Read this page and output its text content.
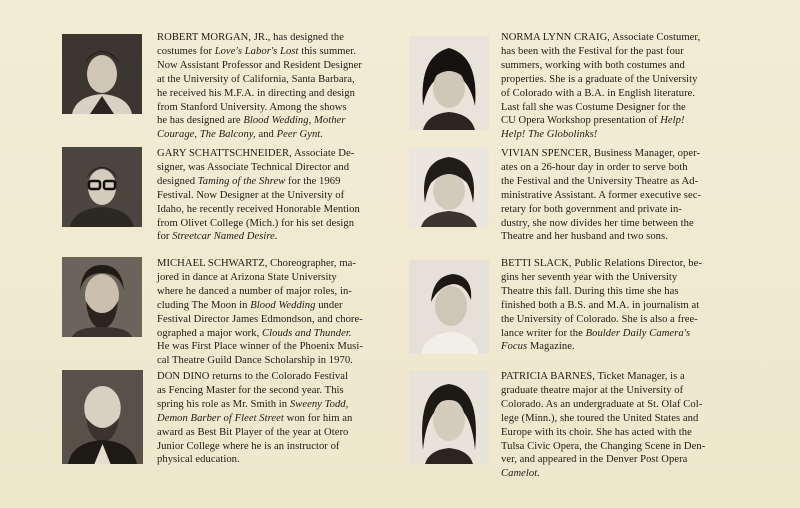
ROBERT MORGAN, JR., has designed the
costumes for Love's Labor's Lost this summer.
Now Assistant Professor and Resident Designer
at the University of California, Santa Barbara,
he received his M.F.A. in directing and design
from Stanford University. Among the shows
he has designed are Blood Wedding, Mother
Courage, The Balcony, and Peer Gynt.

GARY SCHATTSCHNEIDER, Associate De-
signer, was Associate Technical Director and
designed Taming of the Shrew for the 1969
Festival. Now Designer at the University of
Idaho, he recently received Honorable Mention
from Olivet College (Mich.) for his set design
for Streetcar Named Desire.

MICHAEL SCHWARTZ, Choreographer, ma-
jored in dance at Arizona State University
where he danced a number of major roles, in-
cluding The Moon in Blood Wedding under
Festival Director James Edmondson, and chore-
ographed a major work, Clouds and Thunder.
He was First Place winner of the Phoenix Musi-
cal Theatre Guild Dance Scholarship in 1970.

DON DINO returns to the Colorado Festival
as Fencing Master for the second year. This
spring his role as Mr. Smith in Sweeny Todd,
Demon Barber of Fleet Street won for him an
award as Best Bit Player of the year at Otero
Junior College where he is an instructor of
physical education.

NORMA LYNN CRAIG, Associate Costumer,
has been with the Festival for the past four
summers, working with both costumes and
properties. She is a graduate of the University
of Colorado with a B.A. in English literature.
Last fall she was Costume Designer for the
CU Opera Workshop presentation of Help!
Help! The Globolinks!

VIVIAN SPENCER, Business Manager, oper-
ates on a 26-hour day in order to serve both
the Festival and the University Theatre as Ad-
ministrative Assistant. A former executive sec-
retary for both government and private in-
dustry, she now divides her time between the
Theatre and her husband and two sons.

BETTI SLACK, Public Relations Director, be-
gins her seventh year with the University
Theatre this fall. During this time she has
finished both a B.S. and M.A. in journalism at
the University of Colorado. She is also a free-
lance writer for the Boulder Daily Camera's
Focus Magazine.

PATRICIA BARNES, Ticket Manager, is a
graduate theatre major at the University of
Colorado. As an undergraduate at St. Olaf Col-
lege (Minn.), she toured the United States and
Europe with its choir. She has acted with the
Tulsa Civic Opera, the Changing Scene in Den-
ver, and appeared in the Denver Post Opera
Camelot.
